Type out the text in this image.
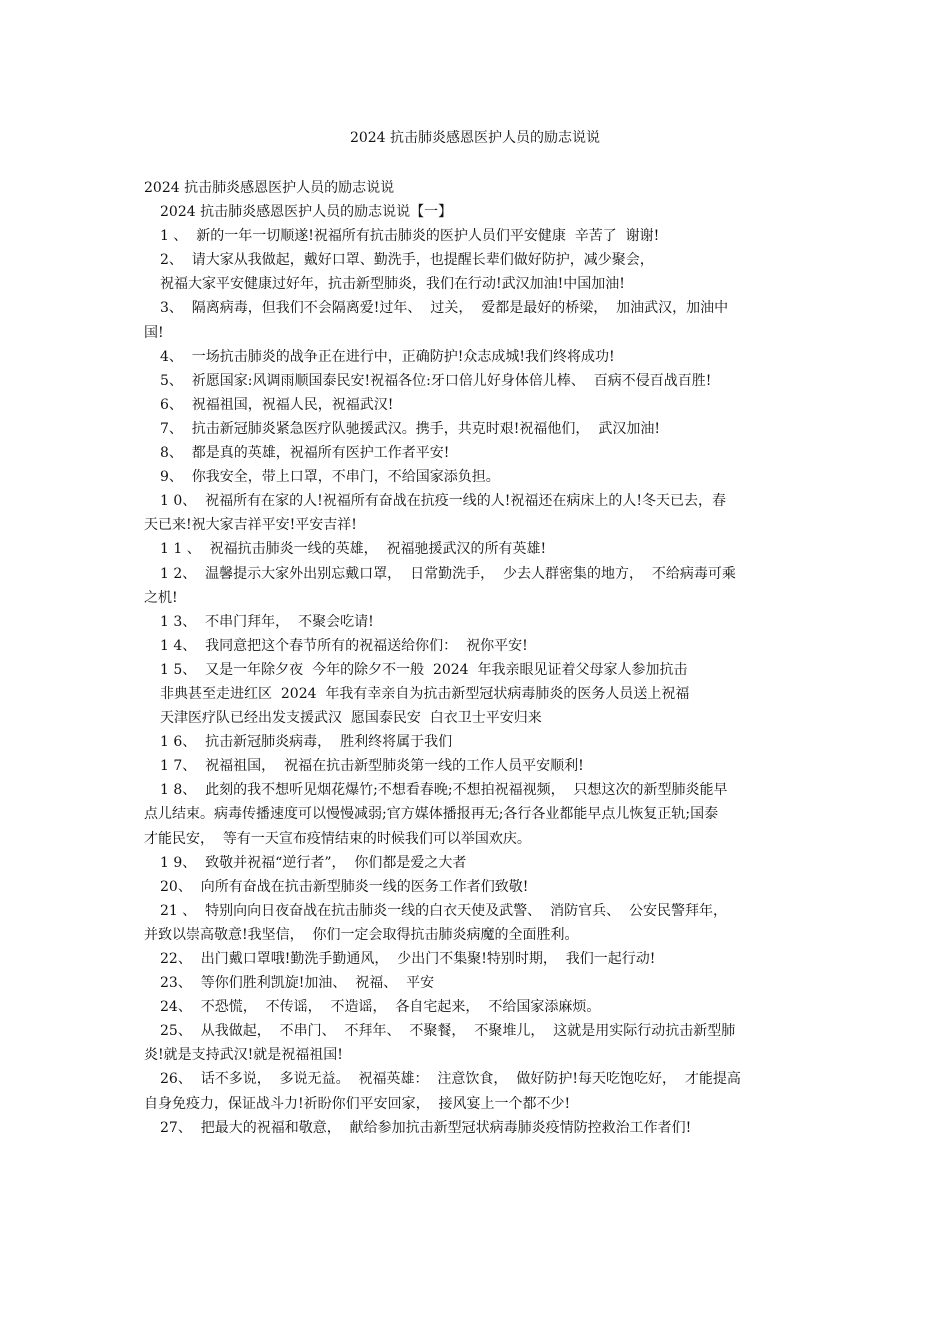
2024 抗击肺炎感恩医护人员的励志说说
2024 抗击肺炎感恩医护人员的励志说说
2024 抗击肺炎感恩医护人员的励志说说【一】
1 、  新的一年一切顺遂!祝福所有抗击肺炎的医护人员们平安健康  辛苦了  谢谢!
2、  请大家从我做起，戴好口罩、勤洗手，也提醒长辈们做好防护，减少聚会，
祝福大家平安健康过好年，抗击新型肺炎，我们在行动!武汉加油!中国加油!
3、  隔离病毒，但我们不会隔离爱!过年、  过关，  爱都是最好的桥梁，  加油武汉，加油中
国!
4、  一场抗击肺炎的战争正在进行中，正确防护!众志成城!我们终将成功!
5、  祈愿国家:风调雨顺国泰民安!祝福各位:牙口倍儿好身体倍儿棒、  百病不侵百战百胜!
6、  祝福祖国，祝福人民，祝福武汉!
7、  抗击新冠肺炎紧急医疗队驰援武汉。携手，共克时艰!祝福他们，  武汉加油!
8、  都是真的英雄，祝福所有医护工作者平安!
9、  你我安全，带上口罩，不串门，不给国家添负担。
1 0、  祝福所有在家的人!祝福所有奋战在抗疫一线的人!祝福还在病床上的人!冬天已去，春
天已来!祝大家吉祥平安!平安吉祥!
1 1 、  祝福抗击肺炎一线的英雄，  祝福驰援武汉的所有英雄!
1 2、  温馨提示大家外出别忘戴口罩，  日常勤洗手，  少去人群密集的地方，  不给病毒可乘
之机!
1 3、  不串门拜年，  不聚会吃请!
1 4、  我同意把这个春节所有的祝福送给你们：  祝你平安!
1 5、  又是一年除夕夜  今年的除夕不一般  2024  年我亲眼见证着父母家人参加抗击
非典甚至走进红区  2024  年我有幸亲自为抗击新型冠状病毒肺炎的医务人员送上祝福
天津医疗队已经出发支援武汉  愿国泰民安  白衣卫士平安归来
1 6、  抗击新冠肺炎病毒，  胜利终将属于我们
1 7、  祝福祖国，  祝福在抗击新型肺炎第一线的工作人员平安顺利!
1 8、  此刻的我不想听见烟花爆竹;不想看春晚;不想拍祝福视频，  只想这次的新型肺炎能早
点儿结束。病毒传播速度可以慢慢减弱;官方媒体播报再无;各行各业都能早点儿恢复正轨;国泰
才能民安，  等有一天宣布疫情结束的时候我们可以举国欢庆。
1 9、  致敬并祝福“逆行者”，  你们都是爱之大者
20、  向所有奋战在抗击新型肺炎一线的医务工作者们致敬!
21 、  特别向向日夜奋战在抗击肺炎一线的白衣天使及武警、  消防官兵、  公安民警拜年，
并致以崇高敬意!我坚信，  你们一定会取得抗击肺炎病魔的全面胜利。
22、  出门戴口罩哦!勤洗手勤通风，  少出门不集聚!特别时期，  我们一起行动!
23、  等你们胜利凯旋!加油、  祝福、  平安
24、  不恐慌，  不传谣，  不造谣，  各自宅起来，  不给国家添麻烦。
25、  从我做起，  不串门、  不拜年、  不聚餐，  不聚堆儿，  这就是用实际行动抗击新型肺
炎!就是支持武汉!就是祝福祖国!
26、  话不多说，  多说无益。  祝福英雄：  注意饮食，  做好防护!每天吃饱吃好，  才能提高
自身免疫力，保证战斗力!祈盼你们平安回家，  接风宴上一个都不少!
27、  把最大的祝福和敬意，  献给参加抗击新型冠状病毒肺炎疫情防控救治工作者们!
